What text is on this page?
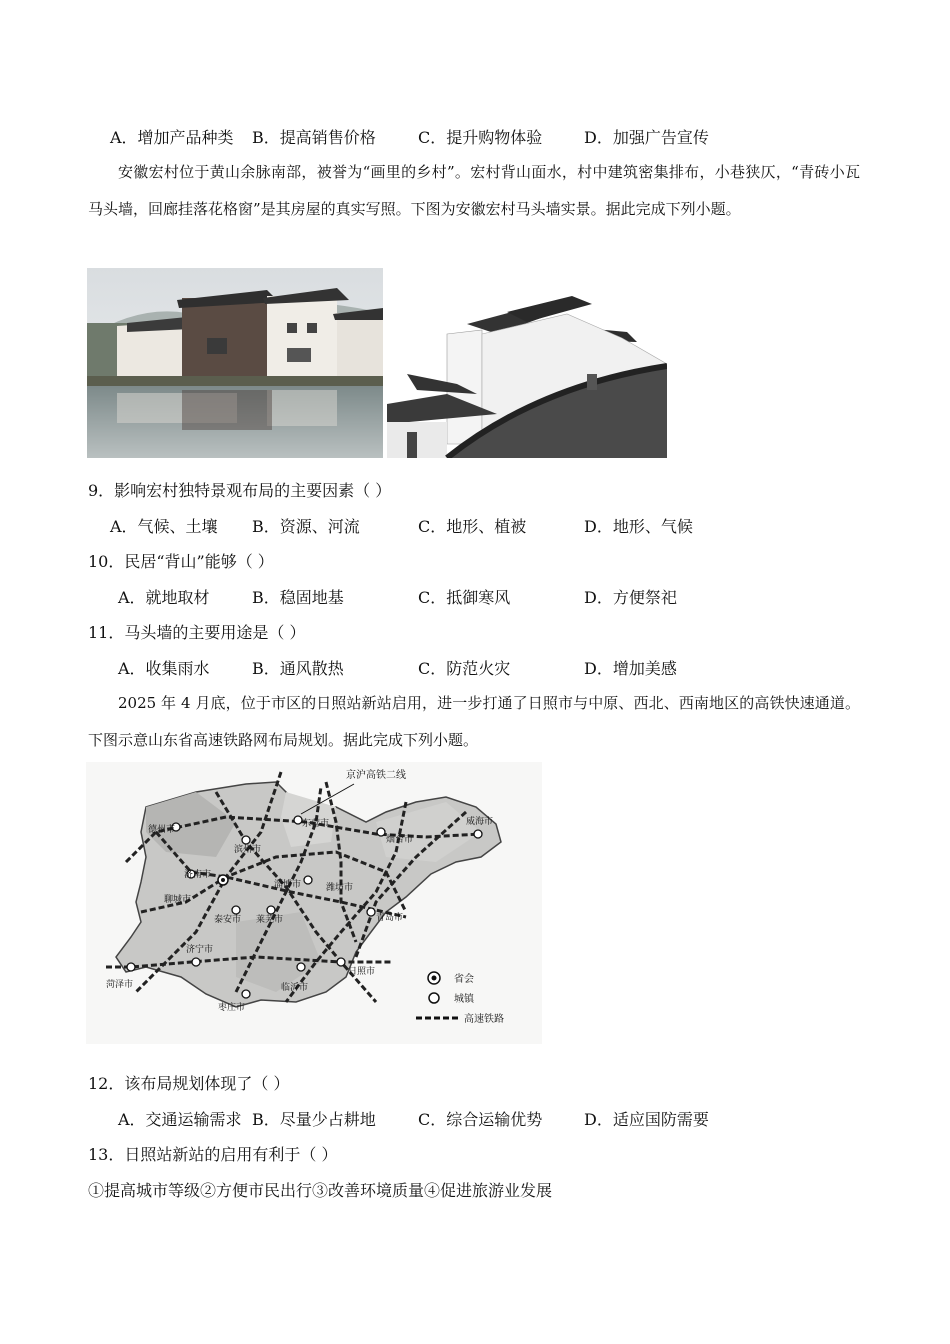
A．增加产品种类 B．提高销售价格	C．提升购物体验	D．加强广告宣传
安徽宏村位于黄山余脉南部，被誉为“画里的乡村”。宏村背山面水，村中建筑密集排布，小巷狭仄，“青砖小瓦马头墙，回廊挂落花格窗”是其房屋的真实写照。下图为安徽宏村马头墙实景。据此完成下列小题。
9．影响宏村独特景观布局的主要因素（ ）
A．气候、土壤 B．资源、河流	C．地形、植被	D．地形、气候
10．民居“背山”能够（ ）
A．就地取材	B．稳固地基	C．抵御寒风	D．方便祭祀
11．马头墙的主要用途是（ ）
A．收集雨水	B．通风散热	C．防范火灾	D．增加美感
2025 年 4 月底，位于市区的日照站新站启用，进一步打通了日照市与中原、西北、西南地区的高铁快速通道。下图示意山东省高速铁路网布局规划。据此完成下列小题。
京沪高铁二线
德州市
东营市
烟台市
威海市
滨州市
济南市
聊城市
淄博市	潍坊市
青岛市
泰安市 莱芜市
济宁市
菏泽市	临沂市
日照市
枣庄市
省会
城镇
高速铁路
12．该布局规划体现了（ ）
A．交通运输需求 B．尽量少占耕地	C．综合运输优势	D．适应国防需要
13．日照站新站的启用有利于（ ）
①提高城市等级②方便市民出行③改善环境质量④促进旅游业发展
